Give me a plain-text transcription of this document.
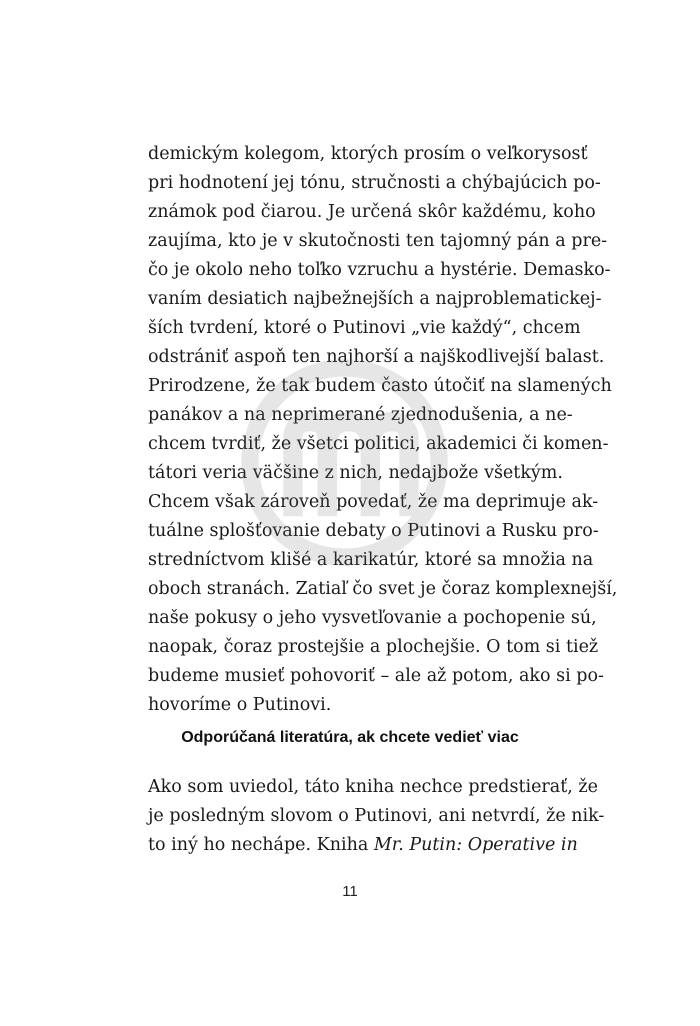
demickým kolegom, ktorých prosím o veľkorysosť
pri hodnotení jej tónu, stručnosti a chýbajúcich po-
známok pod čiarou. Je určená skôr každému, koho
zaujíma, kto je v skutočnosti ten tajomný pán a pre-
čo je okolo neho toľko vzruchu a hystérie. Demasko-
vaním desiatich najbežnejších a najproblematickej-
ších tvrdení, ktoré o Putinovi „vie každý“, chcem
odstrániť aspoň ten najhorší a najškodlivejší balast.
Prirodzene, že tak budem často útočiť na slamených
panákov a na neprimerané zjednodušenia, a ne-
chcem tvrdiť, že všetci politici, akademici či komen-
tátori veria väčšine z nich, nedajbože všetkým.
Chcem však zároveň povedať, že ma deprimuje ak-
tuálne splošťovanie debaty o Putinovi a Rusku pro-
stredníctvom klišé a karikatúr, ktoré sa množia na
oboch stranách. Zatiaľ čo svet je čoraz komplexnejší,
naše pokusy o jeho vysvetľovanie a pochopenie sú,
naopak, čoraz prostejšie a plochejšie. O tom si tiež
budeme musieť pohovoriť – ale až potom, ako si po-
hovoríme o Putinovi.
Odporúčaná literatúra, ak chcete vedieť viac
Ako som uviedol, táto kniha nechce predstierať, že
je posledným slovom o Putinovi, ani netvrdí, že nik-
to iný ho nechápe. Kniha Mr. Putin: Operative in
11
